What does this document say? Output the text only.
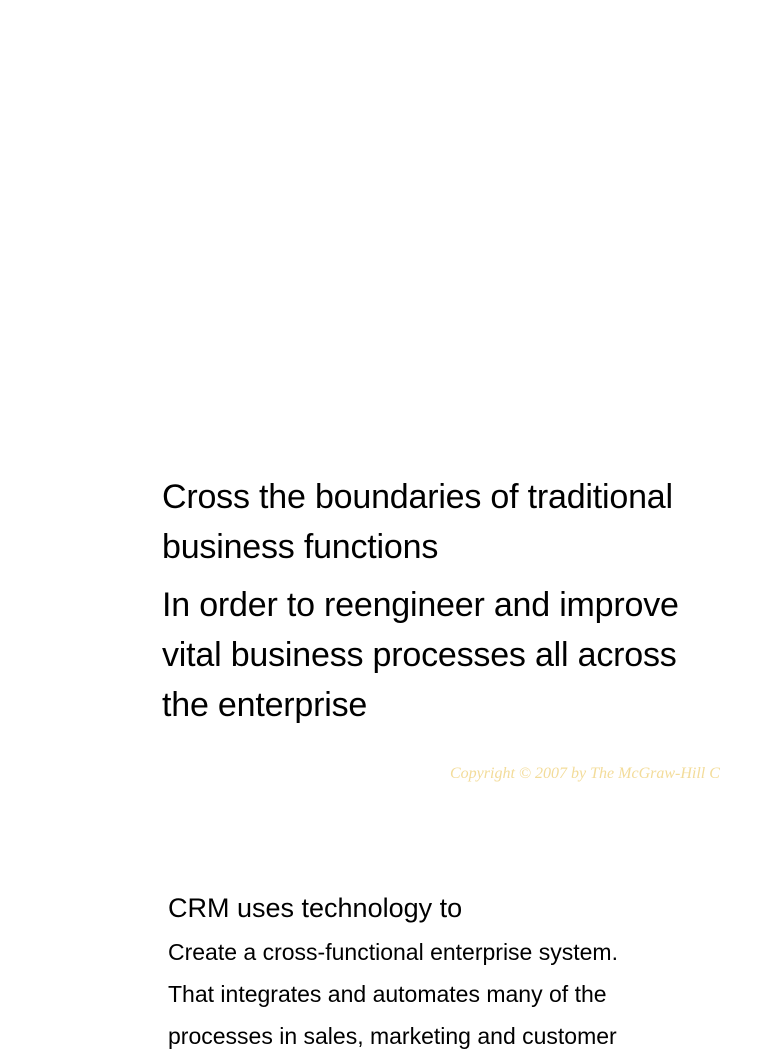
Cross the boundaries of traditional business functions

In order to reengineer and improve vital business processes all across the enterprise

Copyright © 2007 by The McGraw-Hill C

CRM uses technology to

Create a cross-functional enterprise system.

That integrates and automates many of the

processes in sales, marketing and customer
